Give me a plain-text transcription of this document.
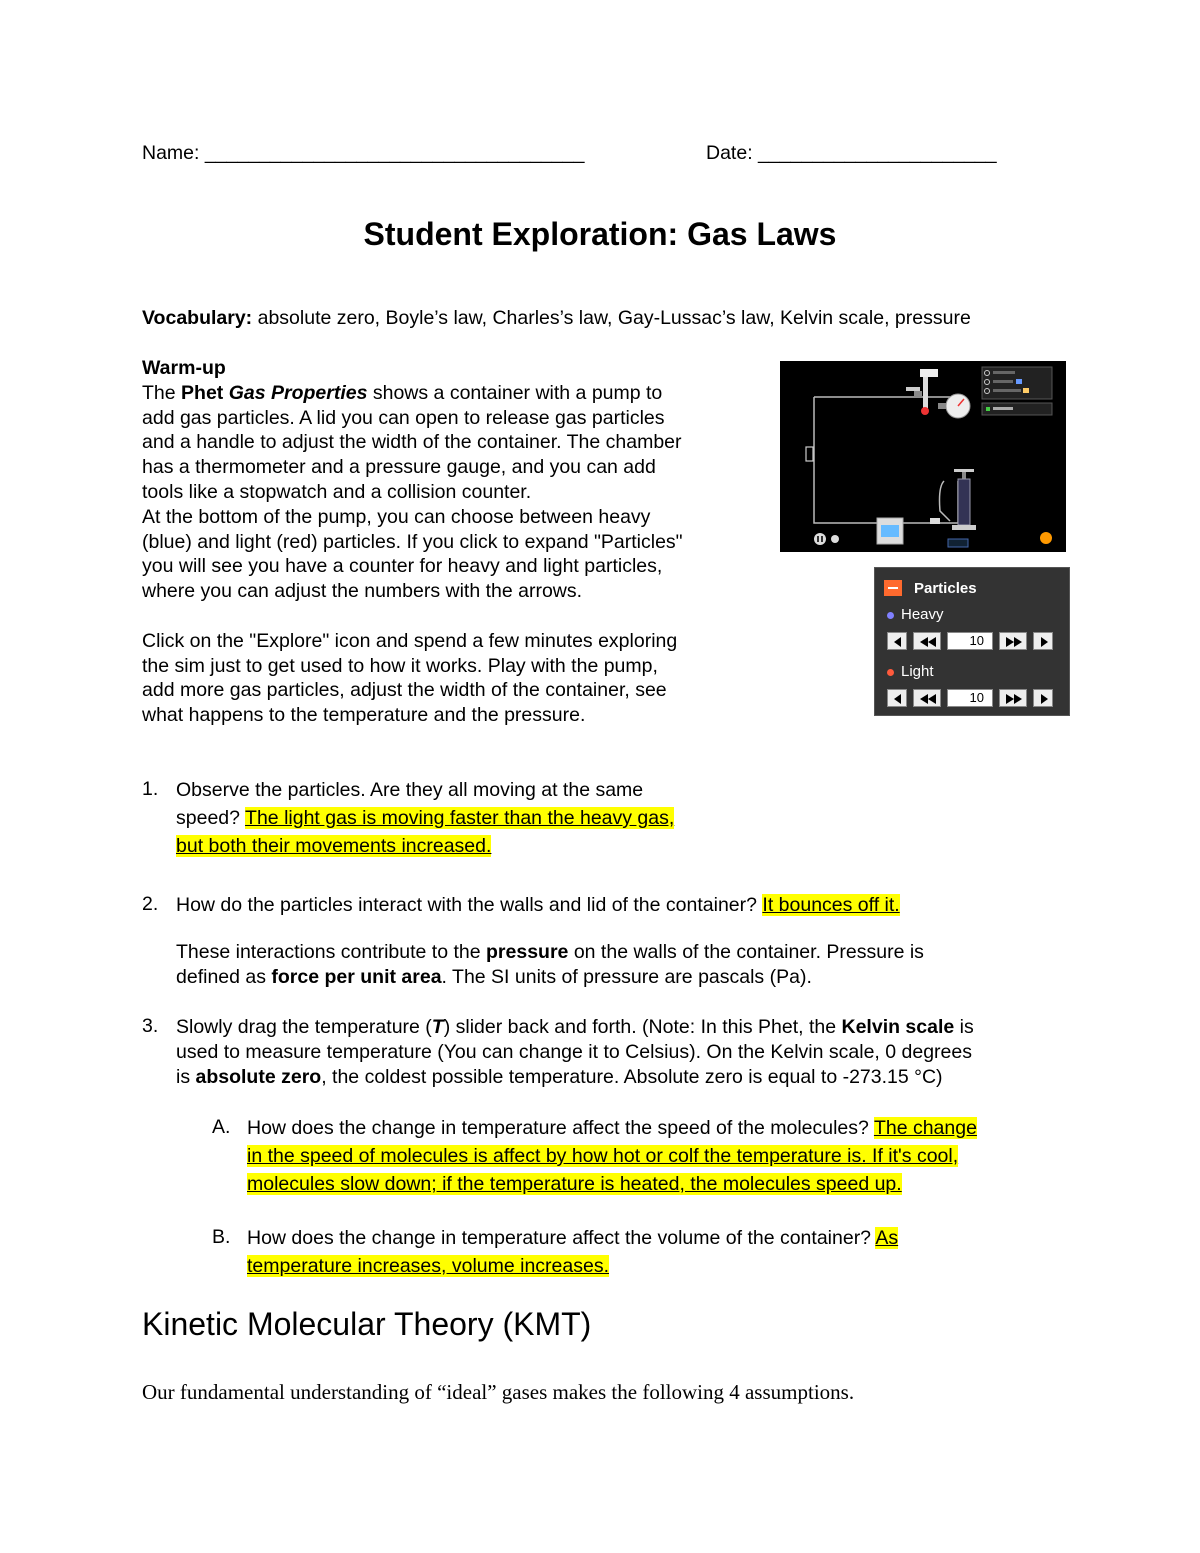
Name: ___________________________________	Date: ______________________
Student Exploration: Gas Laws
Vocabulary: absolute zero, Boyle’s law, Charles’s law, Gay-Lussac’s law, Kelvin scale, pressure
Warm-up
The Phet Gas Properties shows a container with a pump to
add gas particles. A lid you can open to release gas particles
and a handle to adjust the width of the container. The chamber
has a thermometer and a pressure gauge, and you can add
tools like a stopwatch and a collision counter.
At the bottom of the pump, you can choose between heavy
(blue) and light (red) particles. If you click to expand "Particles"
you will see you have a counter for heavy and light particles,
where you can adjust the numbers with the arrows.
Click on the "Explore" icon and spend a few minutes exploring
the sim just to get used to how it works. Play with the pump,
add more gas particles, adjust the width of the container, see
what happens to the temperature and the pressure.
Particles
Heavy
10
Light
10
1. Observe the particles. Are they all moving at the same
speed? The light gas is moving faster than the heavy gas,
but both their movements increased.
2. How do the particles interact with the walls and lid of the container? It bounces off it.
These interactions contribute to the pressure on the walls of the container. Pressure is
defined as force per unit area. The SI units of pressure are pascals (Pa).
3. Slowly drag the temperature (T) slider back and forth. (Note: In this Phet, the Kelvin scale is
used to measure temperature (You can change it to Celsius). On the Kelvin scale, 0 degrees
is absolute zero, the coldest possible temperature. Absolute zero is equal to -273.15 °C)
A. How does the change in temperature affect the speed of the molecules? The change
in the speed of molecules is affect by how hot or colf the temperature is. If it's cool,
molecules slow down; if the temperature is heated, the molecules speed up.
B. How does the change in temperature affect the volume of the container? As
temperature increases, volume increases.
Kinetic Molecular Theory (KMT)
Our fundamental understanding of “ideal” gases makes the following 4 assumptions.
